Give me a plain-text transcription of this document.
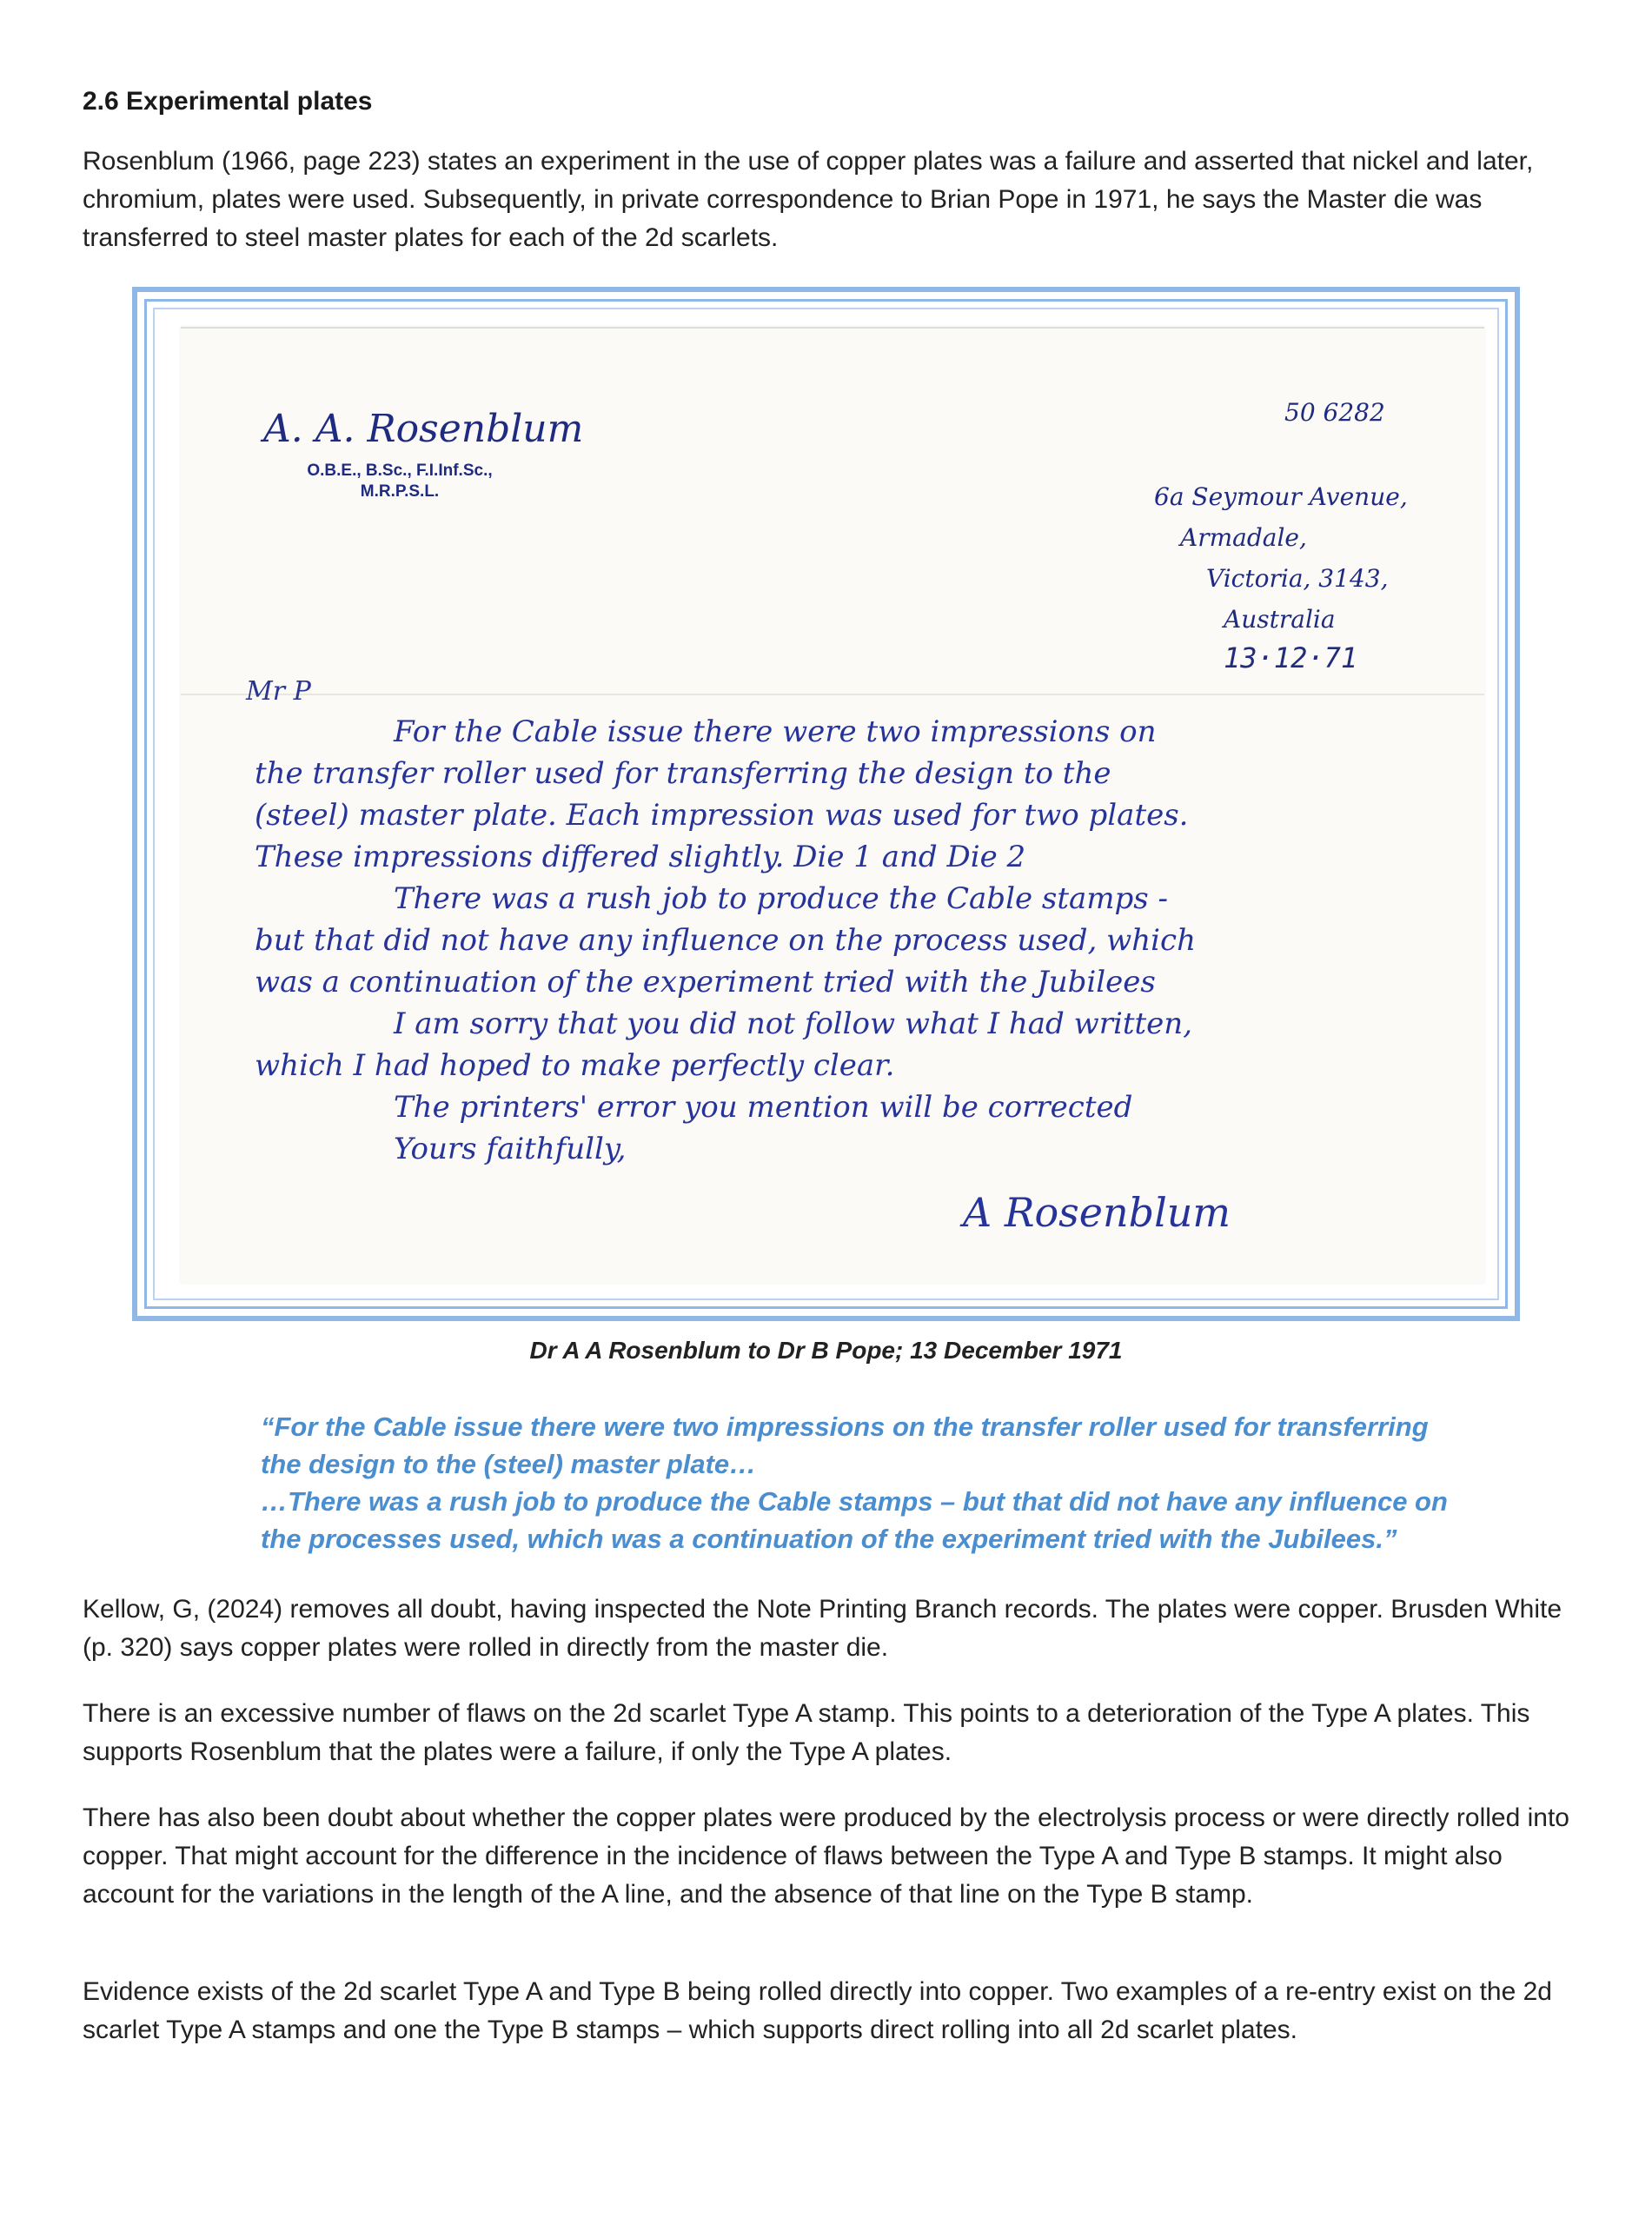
2.6 Experimental plates
Rosenblum (1966, page 223) states an experiment in the use of copper plates was a failure and asserted that nickel and later, chromium, plates were used. Subsequently, in private correspondence to Brian Pope in 1971, he says the Master die was transferred to steel master plates for each of the 2d scarlets.
A. A. Rosenblum
O.B.E., B.Sc., F.I.Inf.Sc.,
M.R.P.S.L.
50 6282
6a Seymour Avenue,
Armadale,
Victoria, 3143,
Australia
13·12·71
Mr P
For the Cable issue there were two impressions on
the transfer roller used for transferring the design to the
(steel) master plate. Each impression was used for two plates.
These impressions differed slightly. Die 1 and Die 2
There was a rush job to produce the Cable stamps -
but that did not have any influence on the process used, which
was a continuation of the experiment tried with the Jubilees
I am sorry that you did not follow what I had written,
which I had hoped to make perfectly clear.
The printers' error you mention will be corrected
Yours faithfully,
A Rosenblum
Dr A A Rosenblum to Dr B Pope; 13 December 1971
“For the Cable issue there were two impressions on the transfer roller used for transferring
the design to the (steel) master plate…
…There was a rush job to produce the Cable stamps – but that did not have any influence on
the processes used, which was a continuation of the experiment tried with the Jubilees.”
Kellow, G, (2024) removes all doubt, having inspected the Note Printing Branch records. The plates were copper. Brusden White (p. 320) says copper plates were rolled in directly from the master die.
There is an excessive number of flaws on the 2d scarlet Type A stamp. This points to a deterioration of the Type A plates. This supports Rosenblum that the plates were a failure, if only the Type A plates.
There has also been doubt about whether the copper plates were produced by the electrolysis process or were directly rolled into copper. That might account for the difference in the incidence of flaws between the Type A and Type B stamps. It might also account for the variations in the length of the A line, and the absence of that line on the Type B stamp.
Evidence exists of the 2d scarlet Type A and Type B being rolled directly into copper. Two examples of a re-entry exist on the 2d scarlet Type A stamps and one the Type B stamps – which supports direct rolling into all 2d scarlet plates.
